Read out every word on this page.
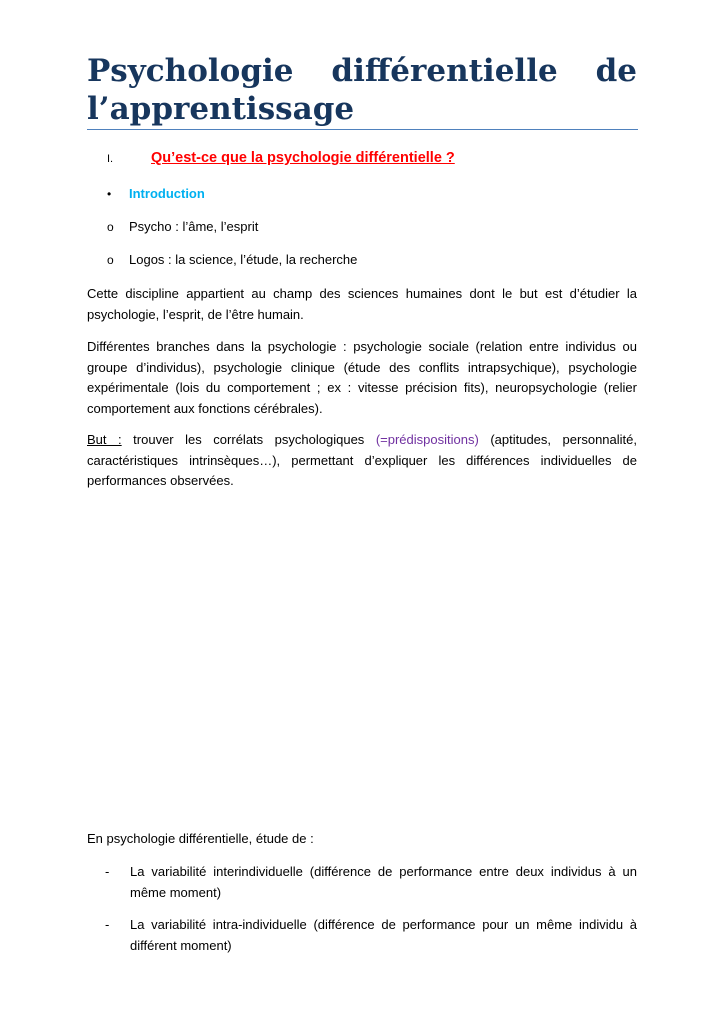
Psychologie différentielle de
l’apprentissage
I.	Qu’est-ce que la psychologie différentielle ?
•	Introduction
o	Psycho : l’âme, l’esprit
o	Logos : la science, l’étude, la recherche

Cette discipline appartient au champ des sciences humaines dont le but est d’étudier la psychologie, l’esprit, de l’être humain.

Différentes branches dans la psychologie : psychologie sociale (relation entre individus ou groupe d’individus), psychologie clinique (étude des conflits intrapsychique), psychologie expérimentale (lois du comportement ; ex : vitesse précision fits), neuropsychologie (relier comportement aux fonctions cérébrales).

But : trouver les corrélats psychologiques (=prédispositions) (aptitudes, personnalité, caractéristiques intrinsèques…), permettant d’expliquer les différences individuelles de performances observées.

En psychologie différentielle, étude de :

-	La variabilité interindividuelle (différence de performance entre deux individus à un même moment)
-	La variabilité intra-individuelle (différence de performance pour un même individu à différent moment)
